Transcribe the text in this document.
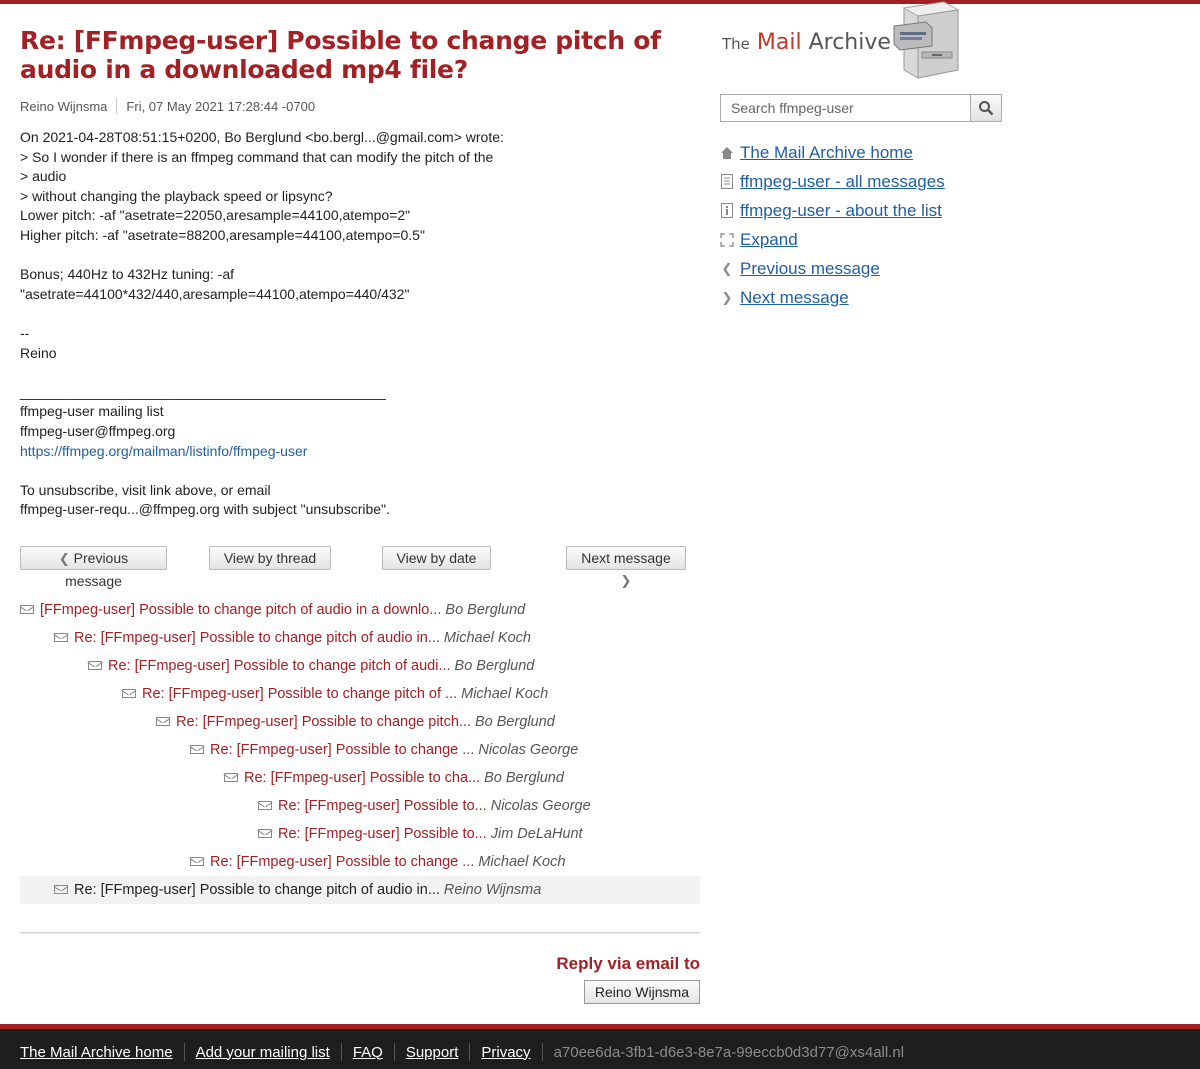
Re: [FFmpeg-user] Possible to change pitch of audio in a downloaded mp4 file?
Reino Wijnsma Fri, 07 May 2021 17:28:44 -0700
On 2021-04-28T08:51:15+0200, Bo Berglund <bo.bergl...@gmail.com> wrote:
> So I wonder if there is an ffmpeg command that can modify the pitch of the
> audio
> without changing the playback speed or lipsync?
Lower pitch: -af "asetrate=22050,aresample=44100,atempo=2"
Higher pitch: -af "asetrate=88200,aresample=44100,atempo=0.5"

Bonus; 440Hz to 432Hz tuning: -af
"asetrate=44100*432/440,aresample=44100,atempo=440/432"

--
Reino

_______________________________________________
ffmpeg-user mailing list
ffmpeg-user@ffmpeg.org
https://ffmpeg.org/mailman/listinfo/ffmpeg-user

To unsubscribe, visit link above, or email
ffmpeg-user-requ...@ffmpeg.org with subject "unsubscribe".
❮ Previous message
View by thread	View by date	Next message ❯
[FFmpeg-user] Possible to change pitch of audio in a downlo... Bo Berglund
Re: [FFmpeg-user] Possible to change pitch of audio in... Michael Koch
Re: [FFmpeg-user] Possible to change pitch of audi... Bo Berglund
Re: [FFmpeg-user] Possible to change pitch of ... Michael Koch
Re: [FFmpeg-user] Possible to change pitch... Bo Berglund
Re: [FFmpeg-user] Possible to change ... Nicolas George
Re: [FFmpeg-user] Possible to cha... Bo Berglund
Re: [FFmpeg-user] Possible to... Nicolas George
Re: [FFmpeg-user] Possible to... Jim DeLaHunt
Re: [FFmpeg-user] Possible to change ... Michael Koch
Re: [FFmpeg-user] Possible to change pitch of audio in... Reino Wijnsma
Reply via email to
Reino Wijnsma
The Mail Archive
Search ffmpeg-user
The Mail Archive home
ffmpeg-user - all messages
ffmpeg-user - about the list
Expand
❮ Previous message
❯ Next message
The Mail Archive home Add your mailing list FAQ Support Privacy a70ee6da-3fb1-d6e3-8e7a-99eccb0d3d77@xs4all.nl
